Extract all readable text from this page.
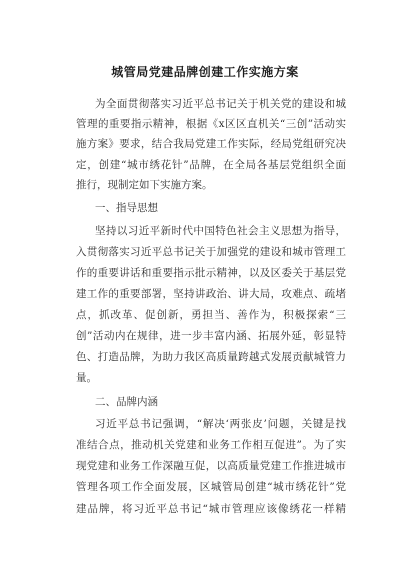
城管局党建品牌创建工作实施方案
为全面贯彻落实习近平总书记关于机关党的建设和城
管理的重要指示精神，根据《x区区直机关“三创”活动实
施方案》要求，结合我局党建工作实际，经局党组研究决
定，创建“城市绣花针”品牌，在全局各基层党组织全面
推行，现制定如下实施方案。
一、指导思想
坚持以习近平新时代中国特色社会主义思想为指导，
入贯彻落实习近平总书记关于加强党的建设和城市管理工
作的重要讲话和重要指示批示精神，以及区委关于基层党
建工作的重要部署，坚持讲政治、讲大局，攻难点、疏堵
点，抓改革、促创新，勇担当、善作为，积极探索“三
创”活动内在规律，进一步丰富内涵、拓展外延，彰显特
色、打造品牌，为助力我区高质量跨越式发展贡献城管力
量。
二、品牌内涵
习近平总书记强调，“解决‘两张皮’问题，关键是找
准结合点，推动机关党建和业务工作相互促进”。为了实
现党建和业务工作深融互促，以高质量党建工作推进城市
管理各项工作全面发展，区城管局创建“城市绣花针”党
建品牌，将习近平总书记“城市管理应该像绣花一样精
